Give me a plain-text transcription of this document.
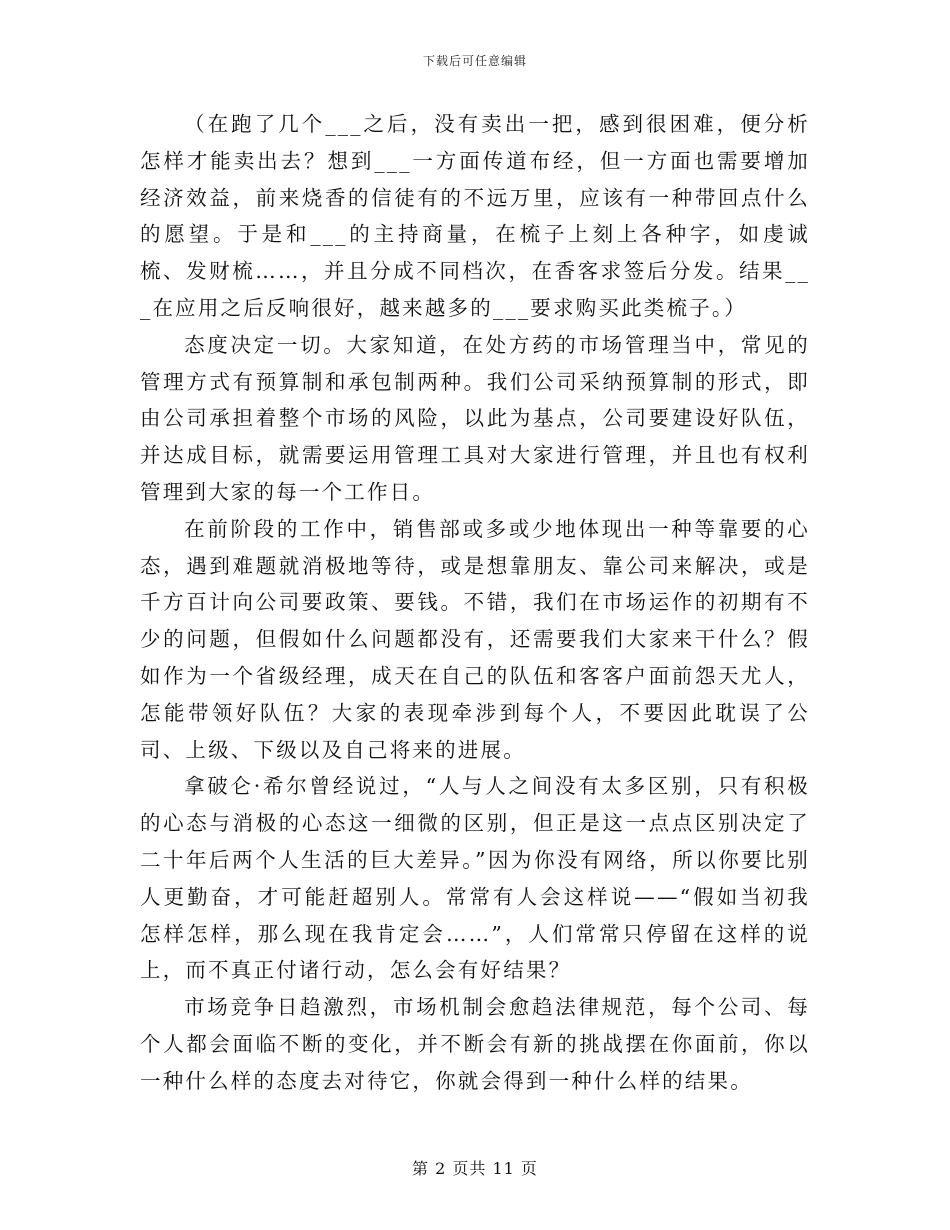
下载后可任意编辑

（在跑了几个___之后，没有卖出一把，感到很困难，便分析怎样才能卖出去？想到___一方面传道布经，但一方面也需要增加经济效益，前来烧香的信徒有的不远万里，应该有一种带回点什么的愿望。于是和___的主持商量，在梳子上刻上各种字，如虔诚梳、发财梳……，并且分成不同档次，在香客求签后分发。结果___在应用之后反响很好，越来越多的___要求购买此类梳子。）

态度决定一切。大家知道，在处方药的市场管理当中，常见的管理方式有预算制和承包制两种。我们公司采纳预算制的形式，即由公司承担着整个市场的风险，以此为基点，公司要建设好队伍，并达成目标，就需要运用管理工具对大家进行管理，并且也有权利管理到大家的每一个工作日。

在前阶段的工作中，销售部或多或少地体现出一种等靠要的心态，遇到难题就消极地等待，或是想靠朋友、靠公司来解决，或是千方百计向公司要政策、要钱。不错，我们在市场运作的初期有不少的问题，但假如什么问题都没有，还需要我们大家来干什么？假如作为一个省级经理，成天在自己的队伍和客客户面前怨天尤人，怎能带领好队伍？大家的表现牵涉到每个人，不要因此耽误了公司、上级、下级以及自己将来的进展。

拿破仑·希尔曾经说过，“人与人之间没有太多区别，只有积极的心态与消极的心态这一细微的区别，但正是这一点点区别决定了二十年后两个人生活的巨大差异。”因为你没有网络，所以你要比别人更勤奋，才可能赶超别人。常常有人会这样说——“假如当初我怎样怎样，那么现在我肯定会……”，人们常常只停留在这样的说上，而不真正付诸行动，怎么会有好结果？

市场竞争日趋激烈，市场机制会愈趋法律规范，每个公司、每个人都会面临不断的变化，并不断会有新的挑战摆在你面前，你以一种什么样的态度去对待它，你就会得到一种什么样的结果。

第 2 页共 11 页
